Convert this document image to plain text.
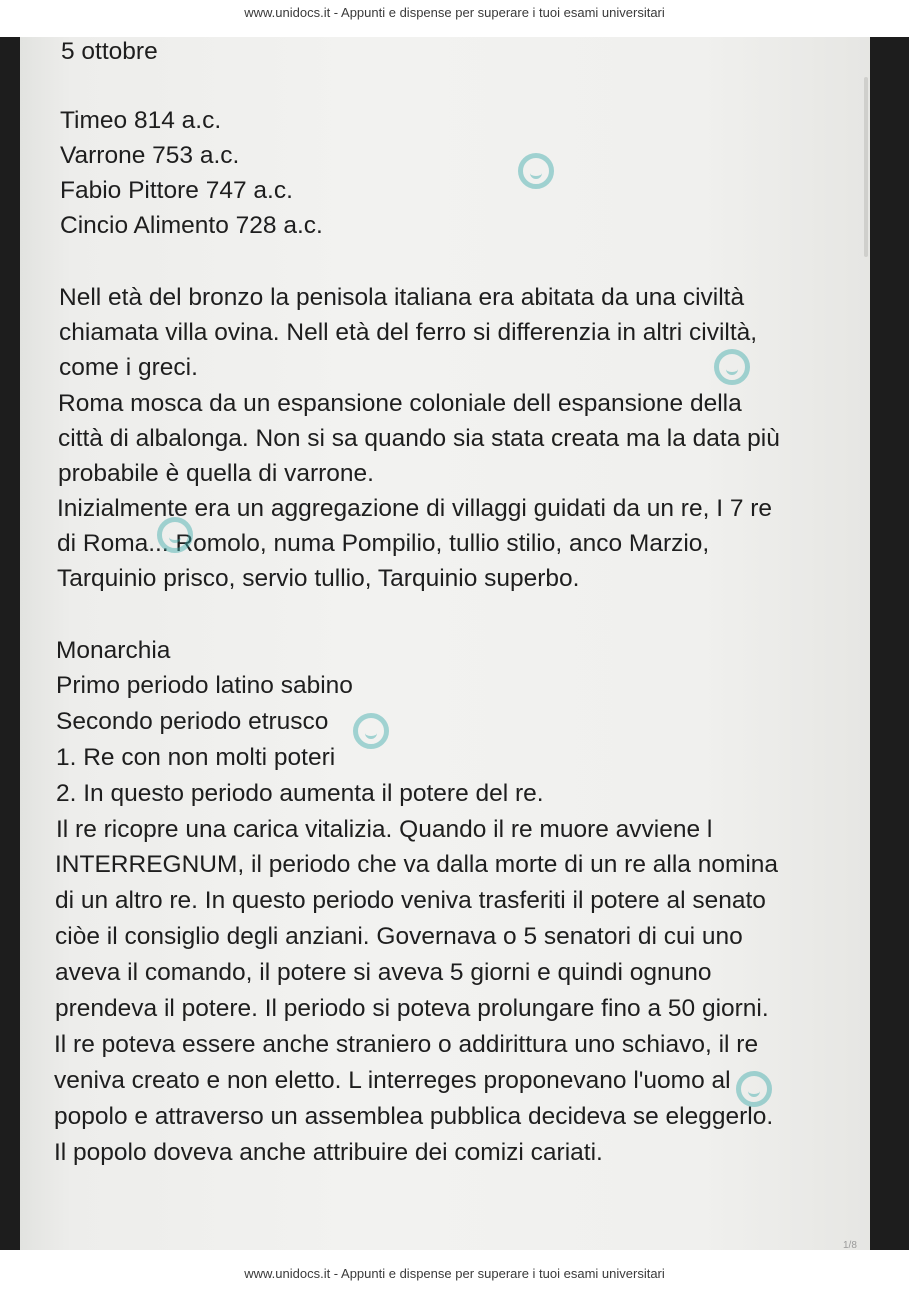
www.unidocs.it - Appunti e dispense per superare i tuoi esami universitari
5 ottobre
Timeo 814 a.c.
Varrone 753 a.c.
Fabio Pittore 747 a.c.
Cincio Alimento 728 a.c.
Nell età del bronzo la penisola italiana era abitata da una civiltà
chiamata villa ovina. Nell età del ferro si differenzia in altri civiltà,
come i greci.
Roma mosca da un espansione coloniale dell espansione della
città di albalonga. Non si sa quando sia stata creata ma la data più
probabile è quella di varrone.
Inizialmente era un aggregazione di villaggi guidati da un re, I 7 re
di Roma... Romolo, numa Pompilio, tullio stilio, anco Marzio,
Tarquinio prisco, servio tullio, Tarquinio superbo.
Monarchia
Primo periodo latino sabino
Secondo periodo etrusco
1. Re con non molti poteri
2. In questo periodo aumenta il potere del re.
Il re ricopre una carica vitalizia. Quando il re muore avviene l
INTERREGNUM, il periodo che va dalla morte di un re alla nomina
di un altro re. In questo periodo veniva trasferiti il potere al senato
ciòe il consiglio degli anziani. Governava o 5 senatori di cui uno
aveva il comando, il potere si aveva 5 giorni e quindi ognuno
prendeva il potere. Il periodo si poteva prolungare fino a 50 giorni.
Il re poteva essere anche straniero o addirittura uno schiavo, il re
veniva creato e non eletto. L interreges proponevano l'uomo al
popolo e attraverso un assemblea pubblica decideva se eleggerlo.
Il popolo doveva anche attribuire dei comizi cariati.
1/8
www.unidocs.it - Appunti e dispense per superare i tuoi esami universitari
